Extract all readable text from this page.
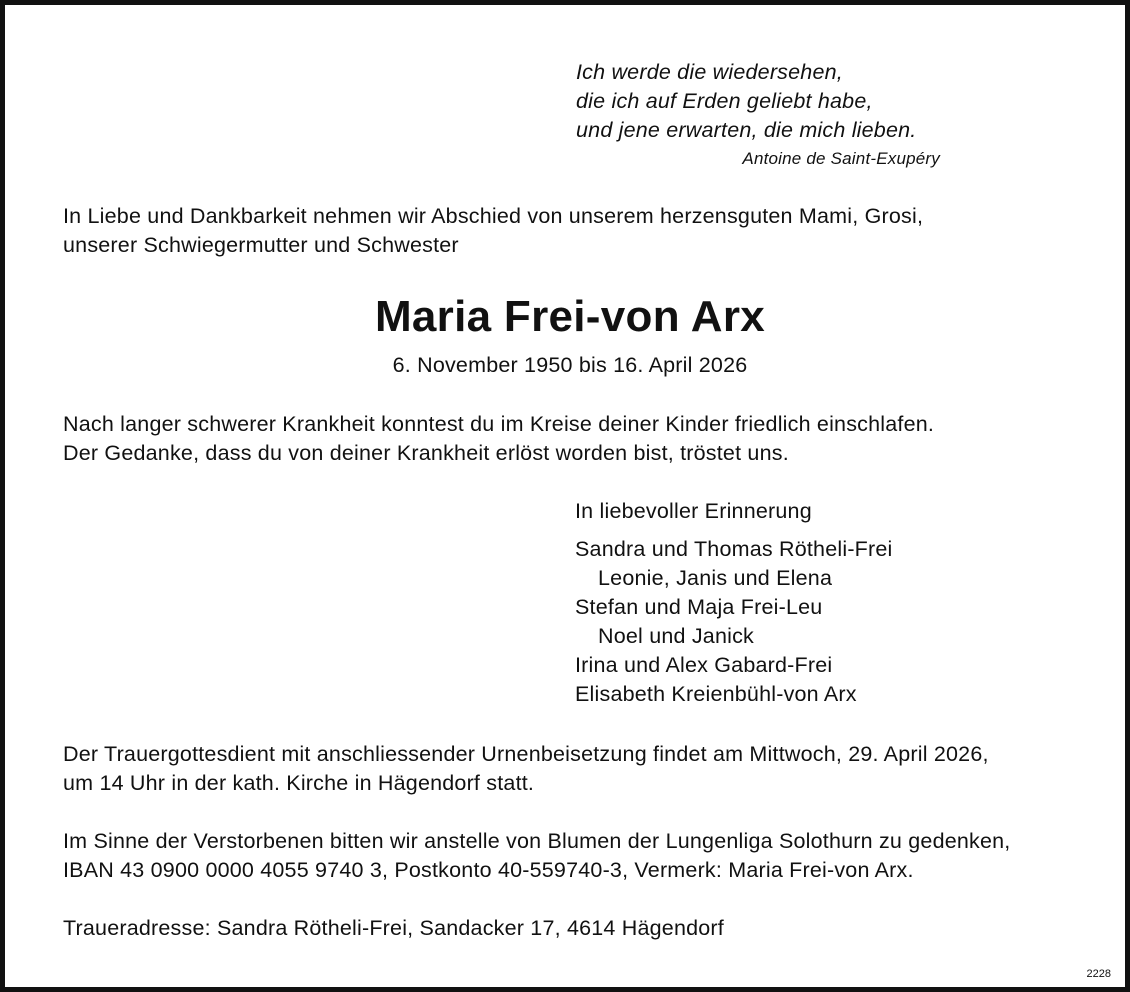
Ich werde die wiedersehen,
die ich auf Erden geliebt habe,
und jene erwarten, die mich lieben.
Antoine de Saint-Exupéry
In Liebe und Dankbarkeit nehmen wir Abschied von unserem herzensguten Mami, Grosi,
unserer Schwiegermutter und Schwester
Maria Frei-von Arx
6. November 1950 bis 16. April 2026
Nach langer schwerer Krankheit konntest du im Kreise deiner Kinder friedlich einschlafen.
Der Gedanke, dass du von deiner Krankheit erlöst worden bist, tröstet uns.
In liebevoller Erinnerung
Sandra und Thomas Rötheli-Frei
Leonie, Janis und Elena
Stefan und Maja Frei-Leu
Noel und Janick
Irina und Alex Gabard-Frei
Elisabeth Kreienbühl-von Arx
Der Trauergottesdient mit anschliessender Urnenbeisetzung findet am Mittwoch, 29. April 2026,
um 14 Uhr in der kath. Kirche in Hägendorf statt.
Im Sinne der Verstorbenen bitten wir anstelle von Blumen der Lungenliga Solothurn zu gedenken,
IBAN 43 0900 0000 4055 9740 3, Postkonto 40-559740-3, Vermerk: Maria Frei-von Arx.
Traueradresse: Sandra Rötheli-Frei, Sandacker 17, 4614 Hägendorf
2228
